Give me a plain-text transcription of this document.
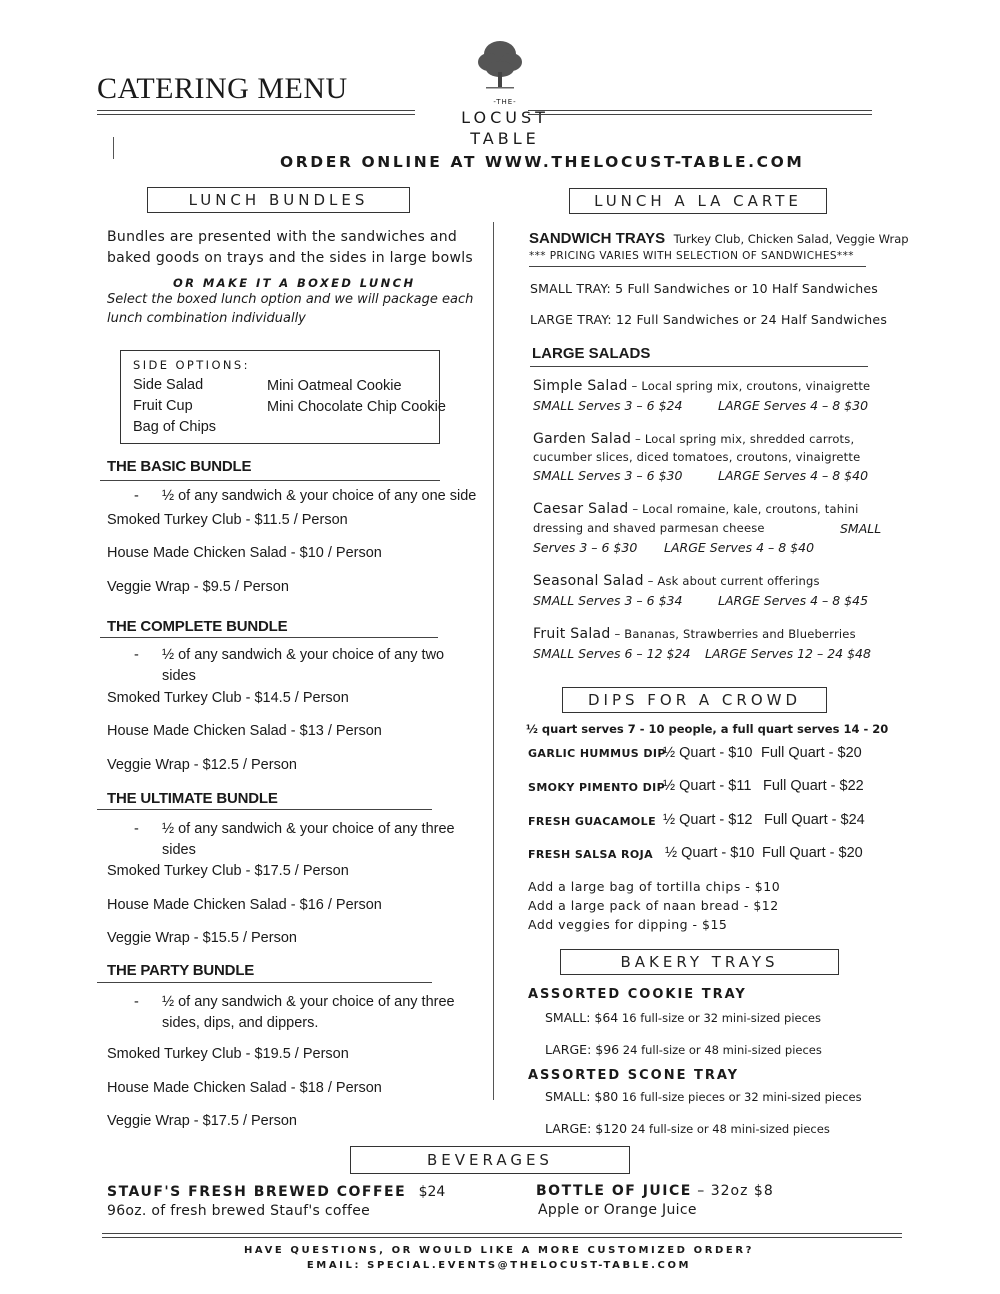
CATERING MENU	-THE-
LOCUST
TABLE
ORDER ONLINE AT WWW.THELOCUST-TABLE.COM
LUNCH BUNDLES
Bundles are presented with the sandwiches and
baked goods on trays and the sides in large bowls
OR MAKE IT A BOXED LUNCH
Select the boxed lunch option and we will package each
lunch combination individually
SIDE OPTIONS:
Side Salad
Fruit Cup
Bag of Chips
Mini Oatmeal Cookie
Mini Chocolate Chip Cookie
THE BASIC BUNDLE
- ½ of any sandwich & your choice of any one side
Smoked Turkey Club - $11.5 / Person
House Made Chicken Salad - $10 / Person
Veggie Wrap - $9.5 / Person
THE COMPLETE BUNDLE
- ½ of any sandwich & your choice of any two
sides
Smoked Turkey Club - $14.5 / Person
House Made Chicken Salad - $13 / Person
Veggie Wrap - $12.5 / Person
THE ULTIMATE BUNDLE
- ½ of any sandwich & your choice of any three
sides
Smoked Turkey Club - $17.5 / Person
House Made Chicken Salad - $16 / Person
Veggie Wrap - $15.5 / Person
THE PARTY BUNDLE
- ½ of any sandwich & your choice of any three
sides, dips, and dippers.
Smoked Turkey Club - $19.5 / Person
House Made Chicken Salad - $18 / Person
Veggie Wrap - $17.5 / Person
LUNCH A LA CARTE
SANDWICH TRAYS Turkey Club, Chicken Salad, Veggie Wrap
*** PRICING VARIES WITH SELECTION OF SANDWICHES***
SMALL TRAY: 5 Full Sandwiches or 10 Half Sandwiches
LARGE TRAY: 12 Full Sandwiches or 24 Half Sandwiches
LARGE SALADS
Simple Salad – Local spring mix, croutons, vinaigrette
SMALL Serves 3 – 6 $24	LARGE Serves 4 – 8 $30
Garden Salad – Local spring mix, shredded carrots,
cucumber slices, diced tomatoes, croutons, vinaigrette
SMALL Serves 3 – 6 $30	LARGE Serves 4 – 8 $40
Caesar Salad – Local romaine, kale, croutons, tahini
dressing and shaved parmesan cheese	SMALL
Serves 3 – 6 $30 LARGE Serves 4 – 8 $40
Seasonal Salad – Ask about current offerings
SMALL Serves 3 – 6 $34	LARGE Serves 4 – 8 $45
Fruit Salad – Bananas, Strawberries and Blueberries
SMALL Serves 6 – 12 $24 LARGE Serves 12 – 24 $48
DIPS FOR A CROWD
½ quart serves 7 - 10 people, a full quart serves 14 - 20
GARLIC HUMMUS DIP
½ Quart - $10 Full Quart - $20
SMOKY PIMENTO DIP
½ Quart - $11 Full Quart - $22
FRESH GUACAMOLE ½ Quart - $12 Full Quart - $24
FRESH SALSA ROJA ½ Quart - $10 Full Quart - $20
Add a large bag of tortilla chips - $10
Add a large pack of naan bread - $12
Add veggies for dipping - $15
BAKERY TRAYS
ASSORTED COOKIE TRAY
SMALL: $64 16 full-size or 32 mini-sized pieces
LARGE: $96 24 full-size or 48 mini-sized pieces
ASSORTED SCONE TRAY
SMALL: $80 16 full-size pieces or 32 mini-sized pieces
LARGE: $120 24 full-size or 48 mini-sized pieces
BEVERAGES
STAUF'S FRESH BREWED COFFEE $24
96oz. of fresh brewed Stauf's coffee
BOTTLE OF JUICE – 32oz $8
Apple or Orange Juice
HAVE QUESTIONS, OR WOULD LIKE A MORE CUSTOMIZED ORDER?
EMAIL: SPECIAL.EVENTS@THELOCUST-TABLE.COM
